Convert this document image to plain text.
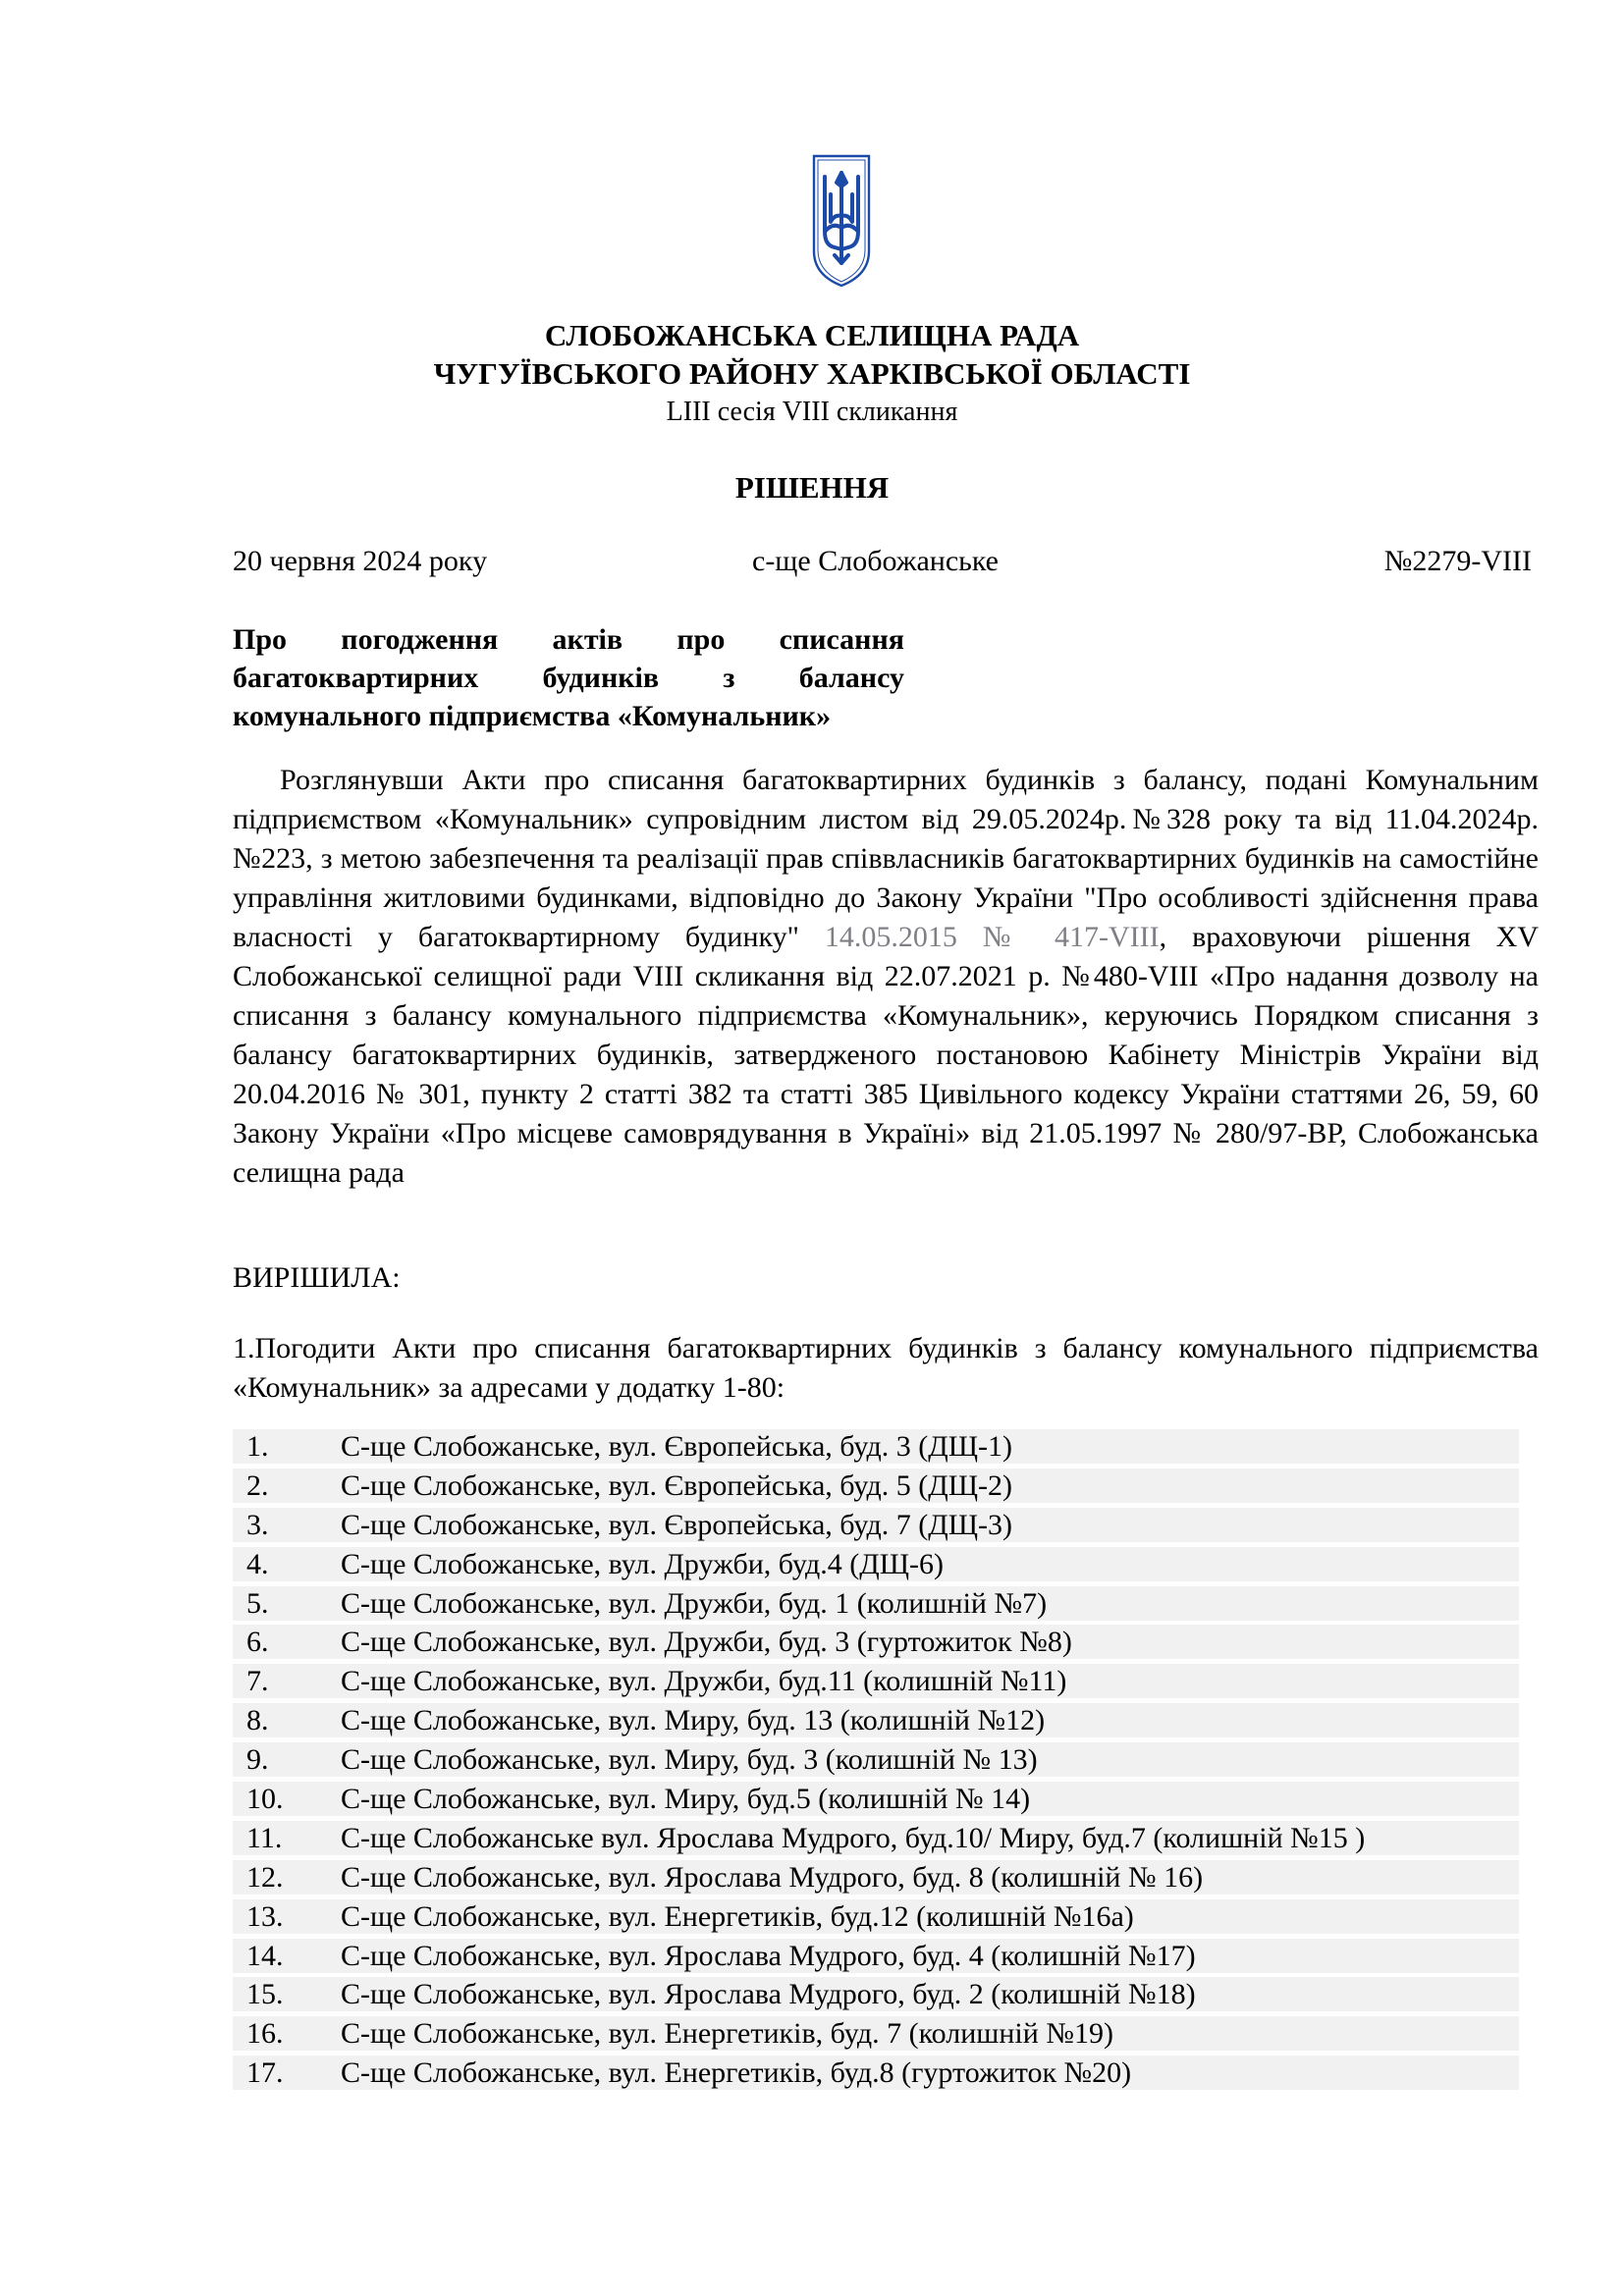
СЛОБОЖАНСЬКА СЕЛИЩНА РАДА
ЧУГУЇВСЬКОГО РАЙОНУ ХАРКІВСЬКОЇ ОБЛАСТІ
LIII сесія VIII скликання
РІШЕННЯ
20 червня 2024 року	с-ще Слобожанське	№2279-VIII
Про погодження актів про списання
багатоквартирних будинків з балансу
комунального підприємства «Комунальник»
Розглянувши Акти про списання багатоквартирних будинків з балансу, подані Комунальним підприємством «Комунальник» супровідним листом від 29.05.2024р.№328 року та від 11.04.2024р. №223, з метою забезпечення та реалізації прав співвласників багатоквартирних будинків на самостійне управління житловими будинками, відповідно до Закону України "Про особливості здійснення права власності у багатоквартирному будинку" 14.05.2015 № 417-VIII, враховуючи рішення XV Слобожанської селищної ради VIII скликання від 22.07.2021 р. №480-VIII «Про надання дозволу на списання з балансу комунального підприємства «Комунальник», керуючись Порядком списання з балансу багатоквартирних будинків, затвердженого постановою Кабінету Міністрів України від 20.04.2016 № 301, пункту 2 статті 382 та статті 385 Цивільного кодексу України статтями 26, 59, 60 Закону України «Про місцеве самоврядування в Україні» від 21.05.1997 № 280/97-ВР, Слобожанська селищна рада
ВИРІШИЛА:
1.Погодити Акти про списання багатоквартирних будинків з балансу комунального підприємства «Комунальник» за адресами у додатку 1-80:
1.	С-ще Слобожанське, вул. Європейська, буд. 3 (ДЩ-1)
2.	С-ще Слобожанське, вул. Європейська, буд. 5 (ДЩ-2)
3.	С-ще Слобожанське, вул. Європейська, буд. 7 (ДЩ-3)
4.	С-ще Слобожанське, вул. Дружби, буд.4 (ДЩ-6)
5.	С-ще Слобожанське, вул. Дружби, буд. 1 (колишній №7)
6.	С-ще Слобожанське, вул. Дружби, буд. 3 (гуртожиток №8)
7.	С-ще Слобожанське, вул. Дружби, буд.11 (колишній №11)
8.	С-ще Слобожанське, вул. Миру, буд. 13 (колишній №12)
9.	С-ще Слобожанське, вул. Миру, буд. 3 (колишній № 13)
10.	С-ще Слобожанське, вул. Миру, буд.5 (колишній № 14)
11.	С-ще Слобожанське вул. Ярослава Мудрого, буд.10/ Миру, буд.7 (колишній №15 )
12.	С-ще Слобожанське, вул. Ярослава Мудрого, буд. 8 (колишній № 16)
13.	С-ще Слобожанське, вул. Енергетиків, буд.12 (колишній №16а)
14.	С-ще Слобожанське, вул. Ярослава Мудрого, буд. 4 (колишній №17)
15.	С-ще Слобожанське, вул. Ярослава Мудрого, буд. 2 (колишній №18)
16.	С-ще Слобожанське, вул. Енергетиків, буд. 7 (колишній №19)
17.	С-ще Слобожанське, вул. Енергетиків, буд.8 (гуртожиток №20)
